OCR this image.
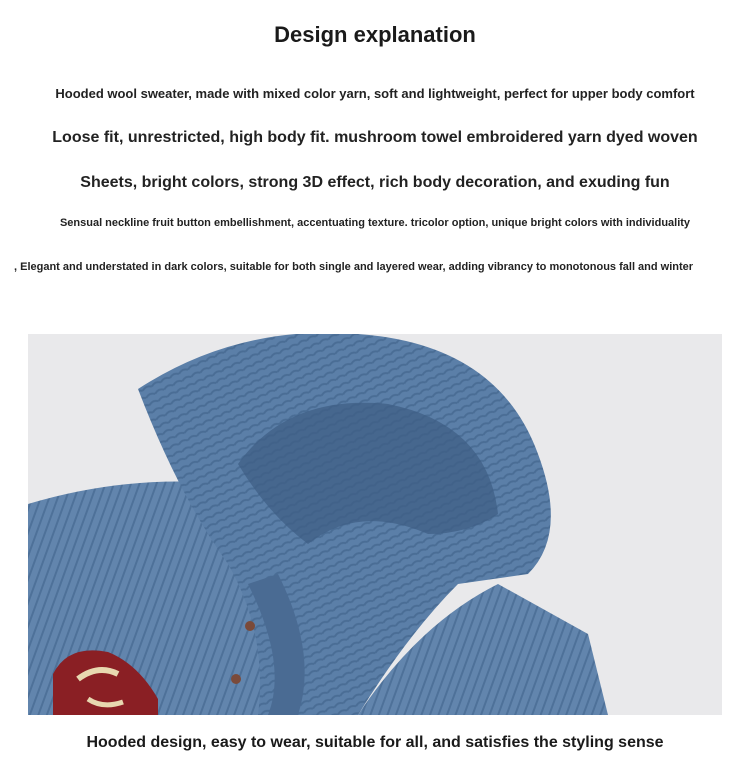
Design explanation
Hooded wool sweater, made with mixed color yarn, soft and lightweight, perfect for upper body comfort
Loose fit, unrestricted, high body fit. mushroom towel embroidered yarn dyed woven
Sheets, bright colors, strong 3D effect, rich body decoration, and exuding fun
Sensual neckline fruit button embellishment, accentuating texture. tricolor option, unique bright colors with individuality
, Elegant and understated in dark colors, suitable for both single and layered wear, adding vibrancy to monotonous fall and winter
Hooded design, easy to wear, suitable for all, and satisfies the styling sense
